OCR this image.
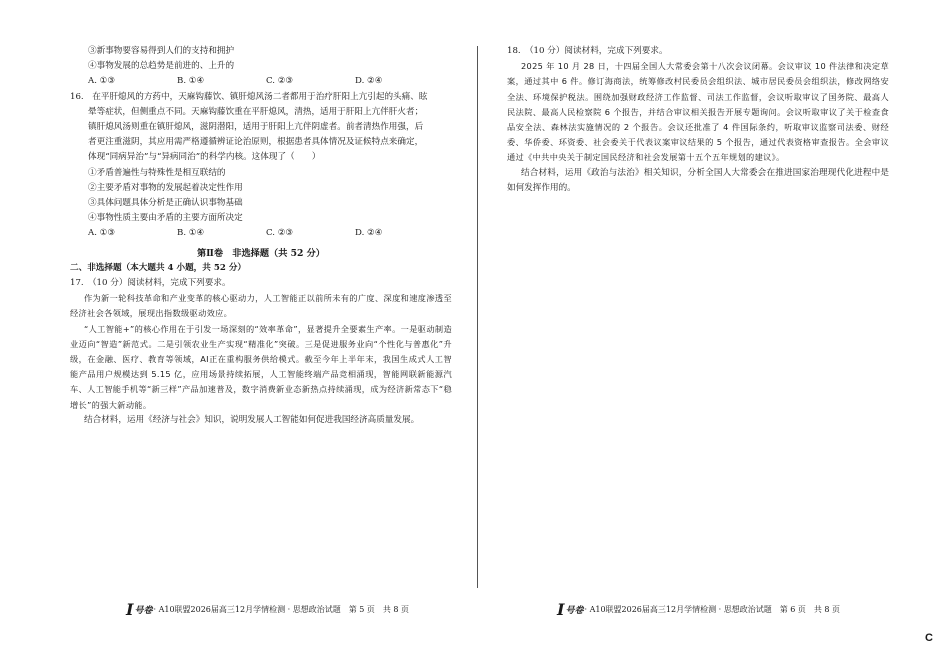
③新事物要容易得到人们的支持和拥护
④事物发展的总趋势是前进的、上升的
A. ①③	B. ①④	C. ②③	D. ②④
16.　在平肝熄风的方药中，天麻钩藤饮、镇肝熄风汤二者都用于治疗肝阳上亢引起的头痛、眩
晕等症状，但侧重点不同。天麻钩藤饮重在平肝熄风，清热，适用于肝阳上亢伴肝火者；
镇肝熄风汤则重在镇肝熄风，滋阴潜阳，适用于肝阳上亢伴阴虚者。前者清热作用强，后
者更注重滋阴，其应用需严格遵循辨证论治原则，根据患者具体情况及证候特点来确定，
体现“同病异治”与“异病同治”的科学内核。这体现了（　　）
①矛盾普遍性与特殊性是相互联结的
②主要矛盾对事物的发展起着决定性作用
③具体问题具体分析是正确认识事物基础
④事物性质主要由矛盾的主要方面所决定
A. ①③	B. ①④	C. ②③	D. ②④
第Ⅱ卷　非选择题（共 52 分）
二、非选择题（本大题共 4 小题，共 52 分）
17.　（10 分）阅读材料，完成下列要求。
作为新一轮科技革命和产业变革的核心驱动力，人工智能正以前所未有的广度、深度和速度渗透至经济社会各领域，展现出指数级驱动效应。
“人工智能+”的核心作用在于引发一场深刻的“效率革命”，显著提升全要素生产率。一是驱动制造业迈向“智造”新范式。二是引领农业生产实现“精准化”突破。三是促进服务业向“个性化与普惠化”升级，在金融、医疗、教育等领域，AI正在重构服务供给模式。截至今年上半年末，我国生成式人工智能产品用户规模达到 5.15 亿，应用场景持续拓展，人工智能终端产品竞相涌现，智能网联新能源汽车、人工智能手机等“新三样”产品加速普及，数字消费新业态新热点持续涌现，成为经济新常态下“稳增长”的强大新动能。
结合材料，运用《经济与社会》知识，说明发展人工智能如何促进我国经济高质量发展。
18.　（10 分）阅读材料，完成下列要求。
2025 年 10 月 28 日，十四届全国人大常委会第十八次会议闭幕。会议审议 10 件法律和决定草案，通过其中 6 件。修订海商法，统筹修改村民委员会组织法、城市居民委员会组织法，修改网络安全法、环境保护税法。围绕加强财政经济工作监督、司法工作监督，会议听取审议了国务院、最高人民法院、最高人民检察院 6 个报告，并结合审议相关报告开展专题询问。会议听取审议了关于检查食品安全法、森林法实施情况的 2 个报告。会议还批准了 4 件国际条约，听取审议监察司法委、财经委、华侨委、环资委、社会委关于代表议案审议结果的 5 个报告，通过代表资格审查报告。全会审议通过《中共中央关于制定国民经济和社会发展第十五个五年规划的建议》。
结合材料，运用《政治与法治》相关知识，分析全国人大常委会在推进国家治理现代化进程中是如何发挥作用的。
I 号卷 · A10联盟2026届高三12月学情检测 · 思想政治试题　第 5 页　共 8 页	I 号卷 · A10联盟2026届高三12月学情检测 · 思想政治试题　第 6 页　共 8 页
C
